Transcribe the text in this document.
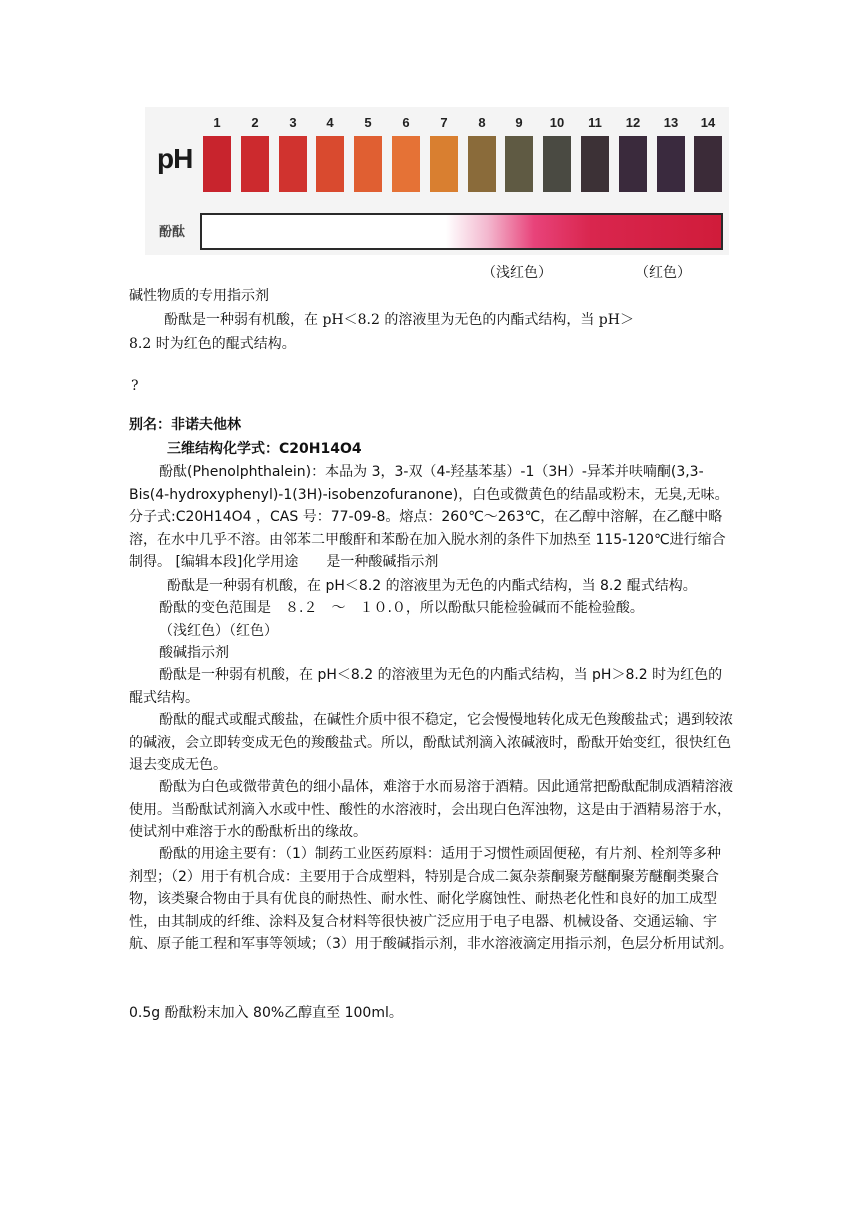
pH
1	2	3	4	5	6	7	8	9	10	11	12	13	14
酚酞
（浅红色）	（红色）
碱性物质的专用指示剂
酚酞是一种弱有机酸，在 pH＜8.2 的溶液里为无色的内酯式结构，当 pH＞
8.2 时为红色的醌式结构。
?
别名：非诺夫他林
三维结构化学式：C20H14O4
酚酞(Phenolphthalein)：本品为 3，3-双（4-羟基苯基）-1（3H）-异苯并呋喃酮(3,3-Bis(4-hydroxyphenyl)-1(3H)-isobenzofuranone)，白色或微黄色的结晶或粉末，无臭,无味。分子式:C20H14O4 ，CAS 号：77-09-8。熔点：260℃～263℃，在乙醇中溶解，在乙醚中略溶，在水中几乎不溶。由邻苯二甲酸酐和苯酚在加入脱水剂的条件下加热至 115-120℃进行缩合制得。 [编辑本段]化学用途　　是一种酸碱指示剂
酚酞是一种弱有机酸，在 pH＜8.2 的溶液里为无色的内酯式结构，当 8.2 醌式结构。
酚酞的变色范围是　８.２　～　１０.０，所以酚酞只能检验碱而不能检验酸。
（浅红色）（红色）
酸碱指示剂
酚酞是一种弱有机酸，在 pH＜8.2 的溶液里为无色的内酯式结构，当 pH＞8.2 时为红色的醌式结构。
酚酞的醌式或醌式酸盐，在碱性介质中很不稳定，它会慢慢地转化成无色羧酸盐式；遇到较浓的碱液，会立即转变成无色的羧酸盐式。所以，酚酞试剂滴入浓碱液时，酚酞开始变红，很快红色退去变成无色。
酚酞为白色或微带黄色的细小晶体，难溶于水而易溶于酒精。因此通常把酚酞配制成酒精溶液使用。当酚酞试剂滴入水或中性、酸性的水溶液时，会出现白色浑浊物，这是由于酒精易溶于水，使试剂中难溶于水的酚酞析出的缘故。
酚酞的用途主要有：（1）制药工业医药原料：适用于习惯性顽固便秘，有片剂、栓剂等多种剂型；（2）用于有机合成：主要用于合成塑料，特别是合成二氮杂萘酮聚芳醚酮聚芳醚酮类聚合物，该类聚合物由于具有优良的耐热性、耐水性、耐化学腐蚀性、耐热老化性和良好的加工成型性，由其制成的纤维、涂料及复合材料等很快被广泛应用于电子电器、机械设备、交通运输、宇航、原子能工程和军事等领域；（3）用于酸碱指示剂，非水溶液滴定用指示剂，色层分析用试剂。
0.5g 酚酞粉末加入 80%乙醇直至 100ml。
